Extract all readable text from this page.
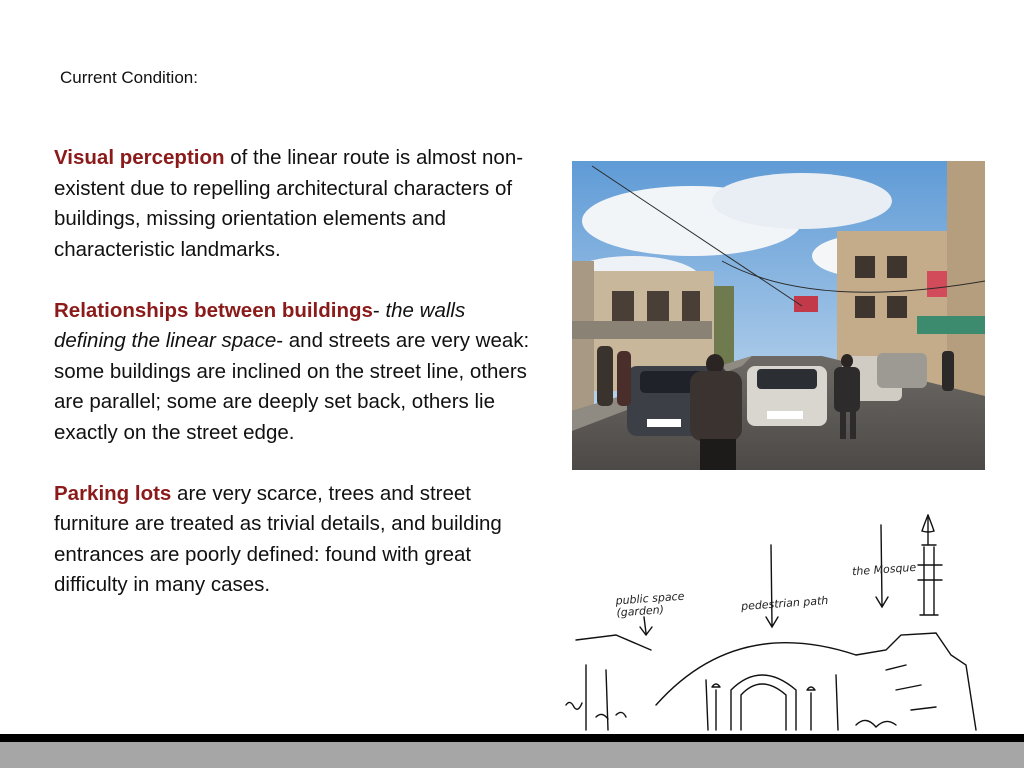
Current Condition:

Visual perception of the linear route is almost non-existent due to repelling architectural characters of buildings, missing orientation elements and characteristic landmarks.

Relationships between buildings- the walls defining the linear space- and streets are very weak: some buildings are inclined on the street line, others are parallel; some are deeply set back, others lie exactly on the street edge.

Parking lots are very scarce, trees and street furniture are treated as trivial details, and building entrances are poorly defined: found with great difficulty in many cases.

public space (garden)	pedestrian path
the Mosque
